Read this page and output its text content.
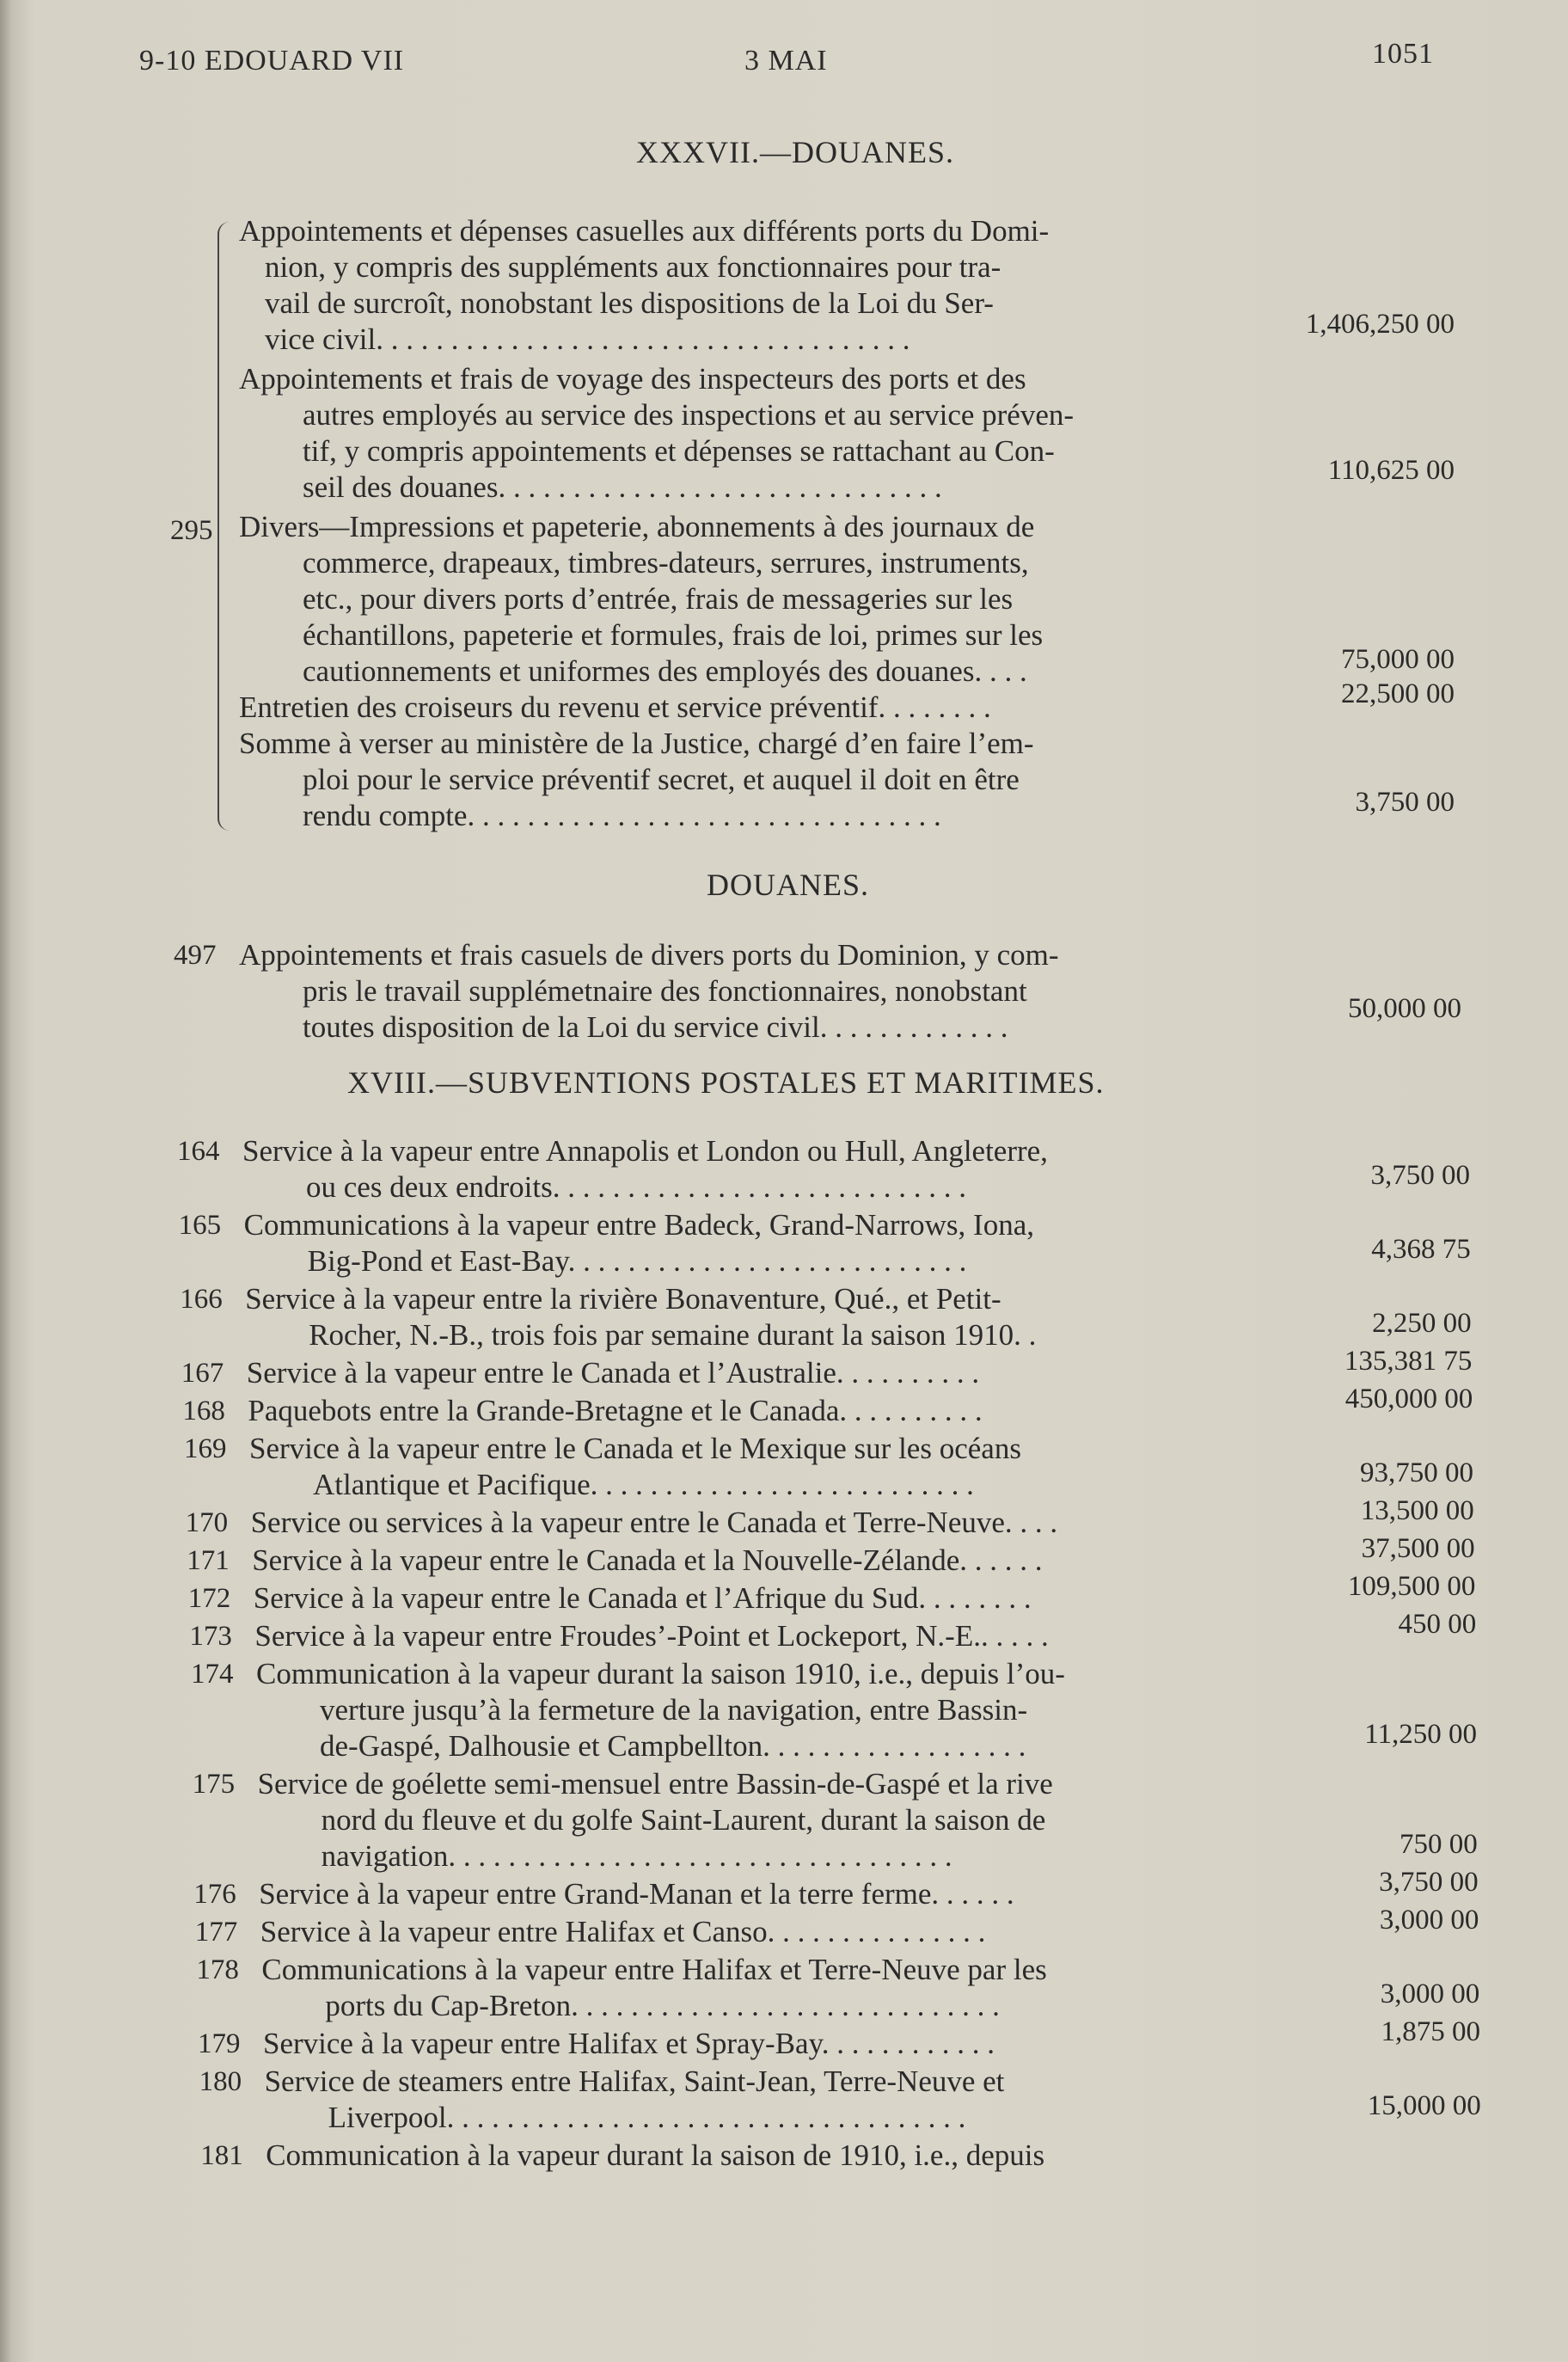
9-10 EDOUARD VII	3 MAI	1051
XXXVII.—DOUANES.
295
Appointements et dépenses casuelles aux différents ports du Domi-
nion, y compris des suppléments aux fonctionnaires pour tra-
vail de surcroît, nonobstant les dispositions de la Loi du Ser-
vice civil. . . . . . . . . . . . . . . . . . . . . . . . . . . . . . . . . . . .	1,406,250 00
Appointements et frais de voyage des inspecteurs des ports et des
autres employés au service des inspections et au service préven-
tif, y compris appointements et dépenses se rattachant au Con-
seil des douanes. . . . . . . . . . . . . . . . . . . . . . . . . . . . . .	110,625 00
Divers—Impressions et papeterie, abonnements à des journaux de
commerce, drapeaux, timbres-dateurs, serrures, instruments,
etc., pour divers ports d’entrée, frais de messageries sur les
échantillons, papeterie et formules, frais de loi, primes sur les
cautionnements et uniformes des employés des douanes. . . .	75,000 00
Entretien des croiseurs du revenu et service préventif. . . . . . . .	22,500 00
Somme à verser au ministère de la Justice, chargé d’en faire l’em-
ploi pour le service préventif secret, et auquel il doit en être
rendu compte. . . . . . . . . . . . . . . . . . . . . . . . . . . . . . . .	3,750 00
DOUANES.
497 Appointements et frais casuels de divers ports du Dominion, y com-
pris le travail supplémetnaire des fonctionnaires, nonobstant
toutes disposition de la Loi du service civil. . . . . . . . . . . . .
50,000 00
XVIII.—SUBVENTIONS POSTALES ET MARITIMES.
164 Service à la vapeur entre Annapolis et London ou Hull, Angleterre,
ou ces deux endroits. . . . . . . . . . . . . . . . . . . . . . . . . . . .	3,750 00
165 Communications à la vapeur entre Badeck, Grand-Narrows, Iona,
Big-Pond et East-Bay. . . . . . . . . . . . . . . . . . . . . . . . . . .	4,368 75
166 Service à la vapeur entre la rivière Bonaventure, Qué., et Petit-
Rocher, N.-B., trois fois par semaine durant la saison 1910. .	2,250 00
167 Service à la vapeur entre le Canada et l’Australie. . . . . . . . . .	135,381 75
168 Paquebots entre la Grande-Bretagne et le Canada. . . . . . . . . .	450,000 00
169 Service à la vapeur entre le Canada et le Mexique sur les océans
Atlantique et Pacifique. . . . . . . . . . . . . . . . . . . . . . . . . .	93,750 00
170 Service ou services à la vapeur entre le Canada et Terre-Neuve. . . .	13,500 00
171 Service à la vapeur entre le Canada et la Nouvelle-Zélande. . . . . .	37,500 00
172 Service à la vapeur entre le Canada et l’Afrique du Sud. . . . . . . .	109,500 00
173 Service à la vapeur entre Froudes’-Point et Lockeport, N.-E.. . . . .	450 00
174 Communication à la vapeur durant la saison 1910, i.e., depuis l’ou-
verture jusqu’à la fermeture de la navigation, entre Bassin-
de-Gaspé, Dalhousie et Campbellton. . . . . . . . . . . . . . . . . .	11,250 00
175 Service de goélette semi-mensuel entre Bassin-de-Gaspé et la rive
nord du fleuve et du golfe Saint-Laurent, durant la saison de
navigation. . . . . . . . . . . . . . . . . . . . . . . . . . . . . . . . . .	750 00
176 Service à la vapeur entre Grand-Manan et la terre ferme. . . . . .	3,750 00
177 Service à la vapeur entre Halifax et Canso. . . . . . . . . . . . . . .	3,000 00
178 Communications à la vapeur entre Halifax et Terre-Neuve par les
ports du Cap-Breton. . . . . . . . . . . . . . . . . . . . . . . . . . . . .	3,000 00
179 Service à la vapeur entre Halifax et Spray-Bay. . . . . . . . . . . .	1,875 00
180 Service de steamers entre Halifax, Saint-Jean, Terre-Neuve et
Liverpool. . . . . . . . . . . . . . . . . . . . . . . . . . . . . . . . . . .	15,000 00
181 Communication à la vapeur durant la saison de 1910, i.e., depuis
